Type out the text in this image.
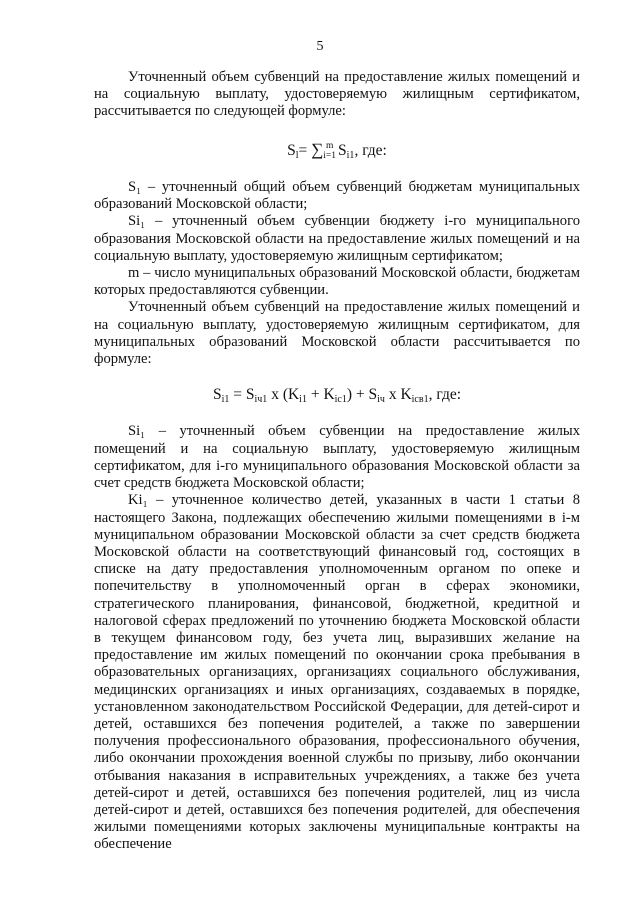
5

Уточненный объем субвенций на предоставление жилых помещений и на социальную выплату, удостоверяемую жилищным сертификатом, рассчитывается по следующей формуле:

$S_l=$ ∑ m
i=1 $S_{i1}$, где:

S₁ – уточненный общий объем субвенций бюджетам муниципальных образований Московской области;

Si₁ – уточненный объем субвенции бюджету i-го муниципального образования Московской области на предоставление жилых помещений и на социальную выплату, удостоверяемую жилищным сертификатом;

m – число муниципальных образований Московской области, бюджетам которых предоставляются субвенции.

Уточненный объем субвенций на предоставление жилых помещений и на социальную выплату, удостоверяемую жилищным сертификатом, для муниципальных образований Московской области рассчитывается по формуле:

$S_{i1} = S_{iч1}$ x $(K_{i1} + K_{ic1}) + S_{iч}$ x $K_{icв1}$, где:

Si₁ – уточненный объем субвенции на предоставление жилых помещений и на социальную выплату, удостоверяемую жилищным сертификатом, для i-го муниципального образования Московской области за счет средств бюджета Московской области;

Ki₁ – уточненное количество детей, указанных в части 1 статьи 8 настоящего Закона, подлежащих обеспечению жилыми помещениями в i-м муниципальном образовании Московской области за счет средств бюджета Московской области на соответствующий финансовый год, состоящих в списке на дату предоставления уполномоченным органом по опеке и попечительству в уполномоченный орган в сферах экономики, стратегического планирования, финансовой, бюджетной, кредитной и налоговой сферах предложений по уточнению бюджета Московской области в текущем финансовом году, без учета лиц, выразивших желание на предоставление им жилых помещений по окончании срока пребывания в образовательных организациях, организациях социального обслуживания, медицинских организациях и иных организациях, создаваемых в порядке, установленном законодательством Российской Федерации, для детей-сирот и детей, оставшихся без попечения родителей, а также по завершении получения профессионального образования, профессионального обучения, либо окончании прохождения военной службы по призыву, либо окончании отбывания наказания в исправительных учреждениях, а также без учета детей-сирот и детей, оставшихся без попечения родителей, лиц из числа детей-сирот и детей, оставшихся без попечения родителей, для обеспечения жилыми помещениями которых заключены муниципальные контракты на обеспечение
